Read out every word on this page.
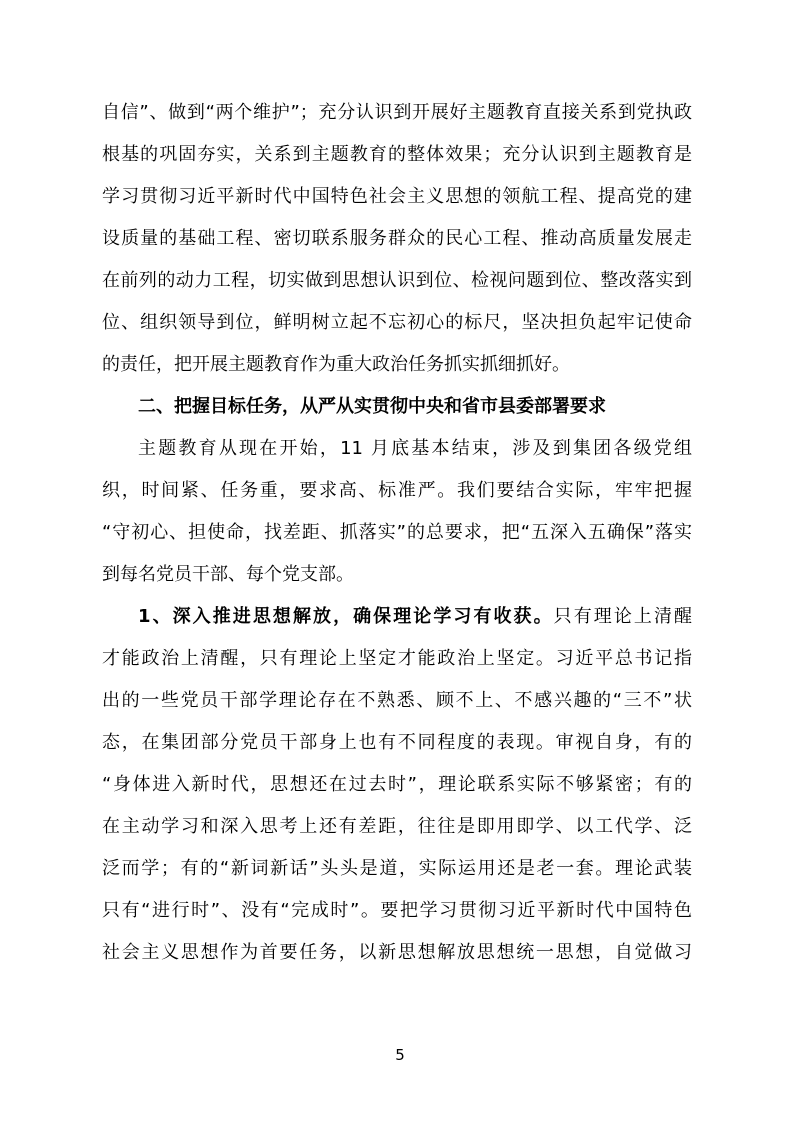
自信”、做到“两个维护”；充分认识到开展好主题教育直接关系到党执政
根基的巩固夯实，关系到主题教育的整体效果；充分认识到主题教育是
学习贯彻习近平新时代中国特色社会主义思想的领航工程、提高党的建
设质量的基础工程、密切联系服务群众的民心工程、推动高质量发展走
在前列的动力工程，切实做到思想认识到位、检视问题到位、整改落实到
位、组织领导到位，鲜明树立起不忘初心的标尺，坚决担负起牢记使命
的责任，把开展主题教育作为重大政治任务抓实抓细抓好。
二、把握目标任务，从严从实贯彻中央和省市县委部署要求
主题教育从现在开始，11 月底基本结束，涉及到集团各级党组
织，时间紧、任务重，要求高、标准严。我们要结合实际，牢牢把握
“守初心、担使命，找差距、抓落实”的总要求，把“五深入五确保”落实
到每名党员干部、每个党支部。
1、深入推进思想解放，确保理论学习有收获。只有理论上清醒
才能政治上清醒，只有理论上坚定才能政治上坚定。习近平总书记指
出的一些党员干部学理论存在不熟悉、顾不上、不感兴趣的“三不”状
态，在集团部分党员干部身上也有不同程度的表现。审视自身，有的
“身体进入新时代，思想还在过去时”，理论联系实际不够紧密；有的
在主动学习和深入思考上还有差距，往往是即用即学、以工代学、泛
泛而学；有的“新词新话”头头是道，实际运用还是老一套。理论武装
只有“进行时”、没有“完成时”。要把学习贯彻习近平新时代中国特色
社会主义思想作为首要任务，以新思想解放思想统一思想，自觉做习
5
